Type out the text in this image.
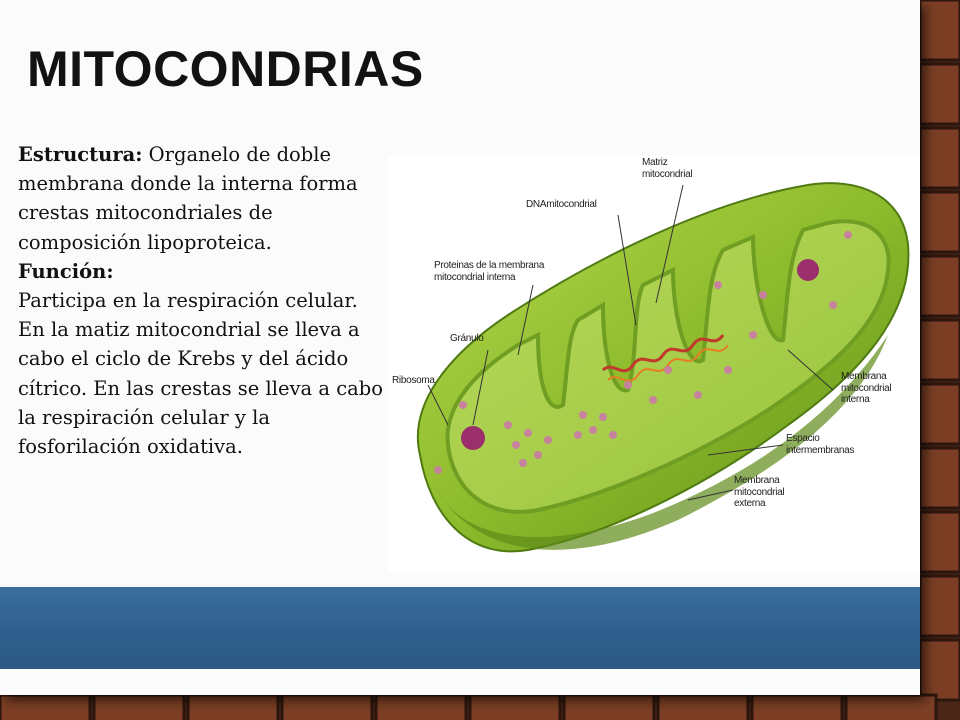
MITOCONDRIAS

Estructura: Organelo de doble membrana donde la interna forma crestas mitocondriales de composición lipoproteica.

Función:

Participa en la respiración celular. En la matiz mitocondrial se lleva a cabo el ciclo de Krebs y del ácido cítrico. En las crestas se lleva a cabo la respiración celular y la fosforilación oxidativa.

Matriz
mitocondrial
DNAmitocondrial
Proteinas de la membrana
mitocondrial interna
Gránulo
Ribosoma	Membrana
mitocondrial
interna
Espacio
intermembranas
Membrana
mitocondrial
externa
